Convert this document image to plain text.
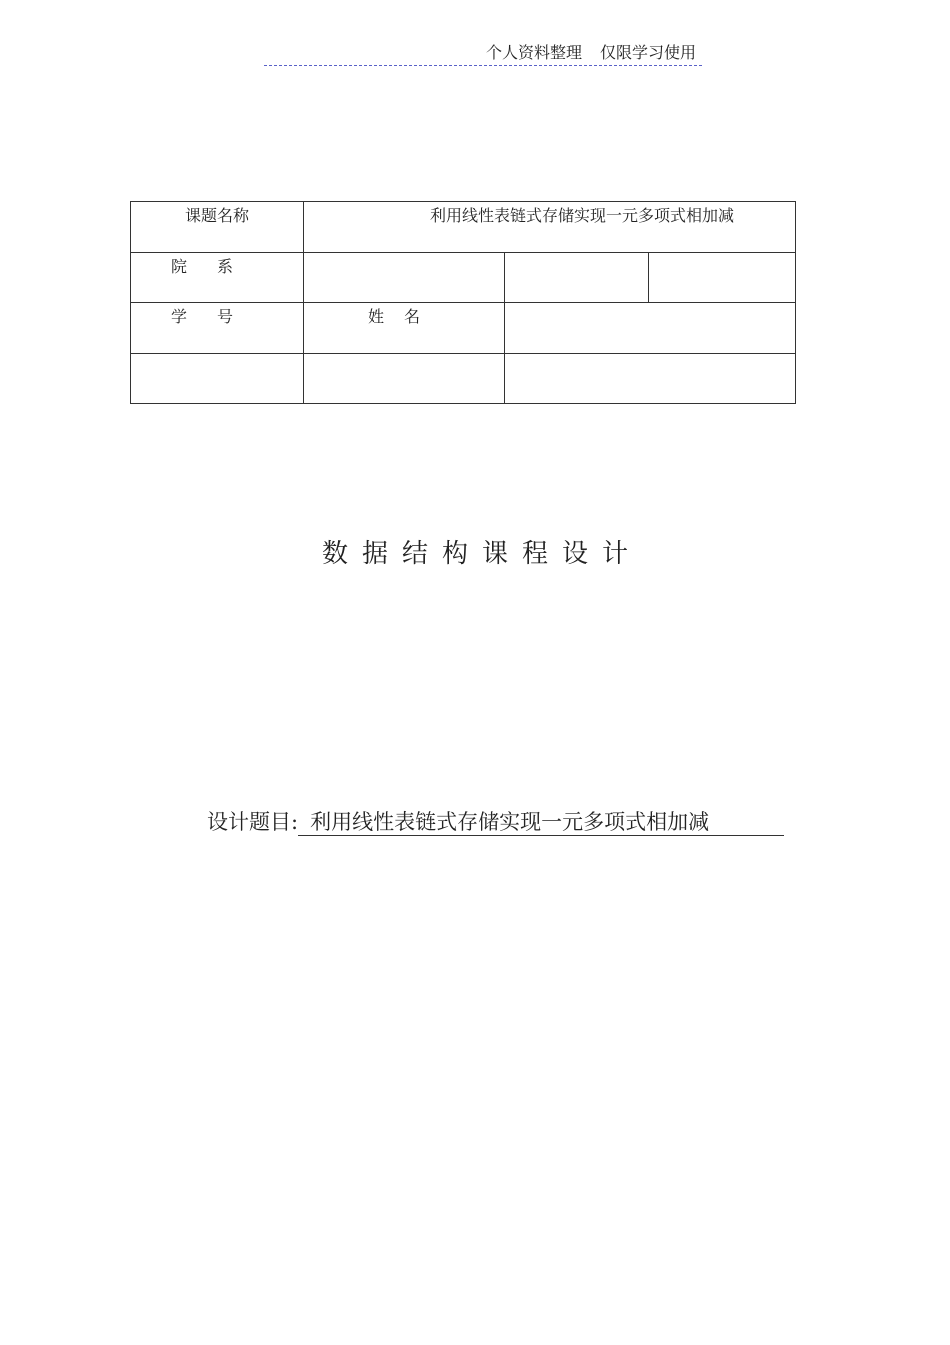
个人资料整理 仅限学习使用
课题名称	利用线性表链式存储实现一元多项式相加减		
院系			
学号	姓名		

数据结构课程设计
设计题目: 利用线性表链式存储实现一元多项式相加减
